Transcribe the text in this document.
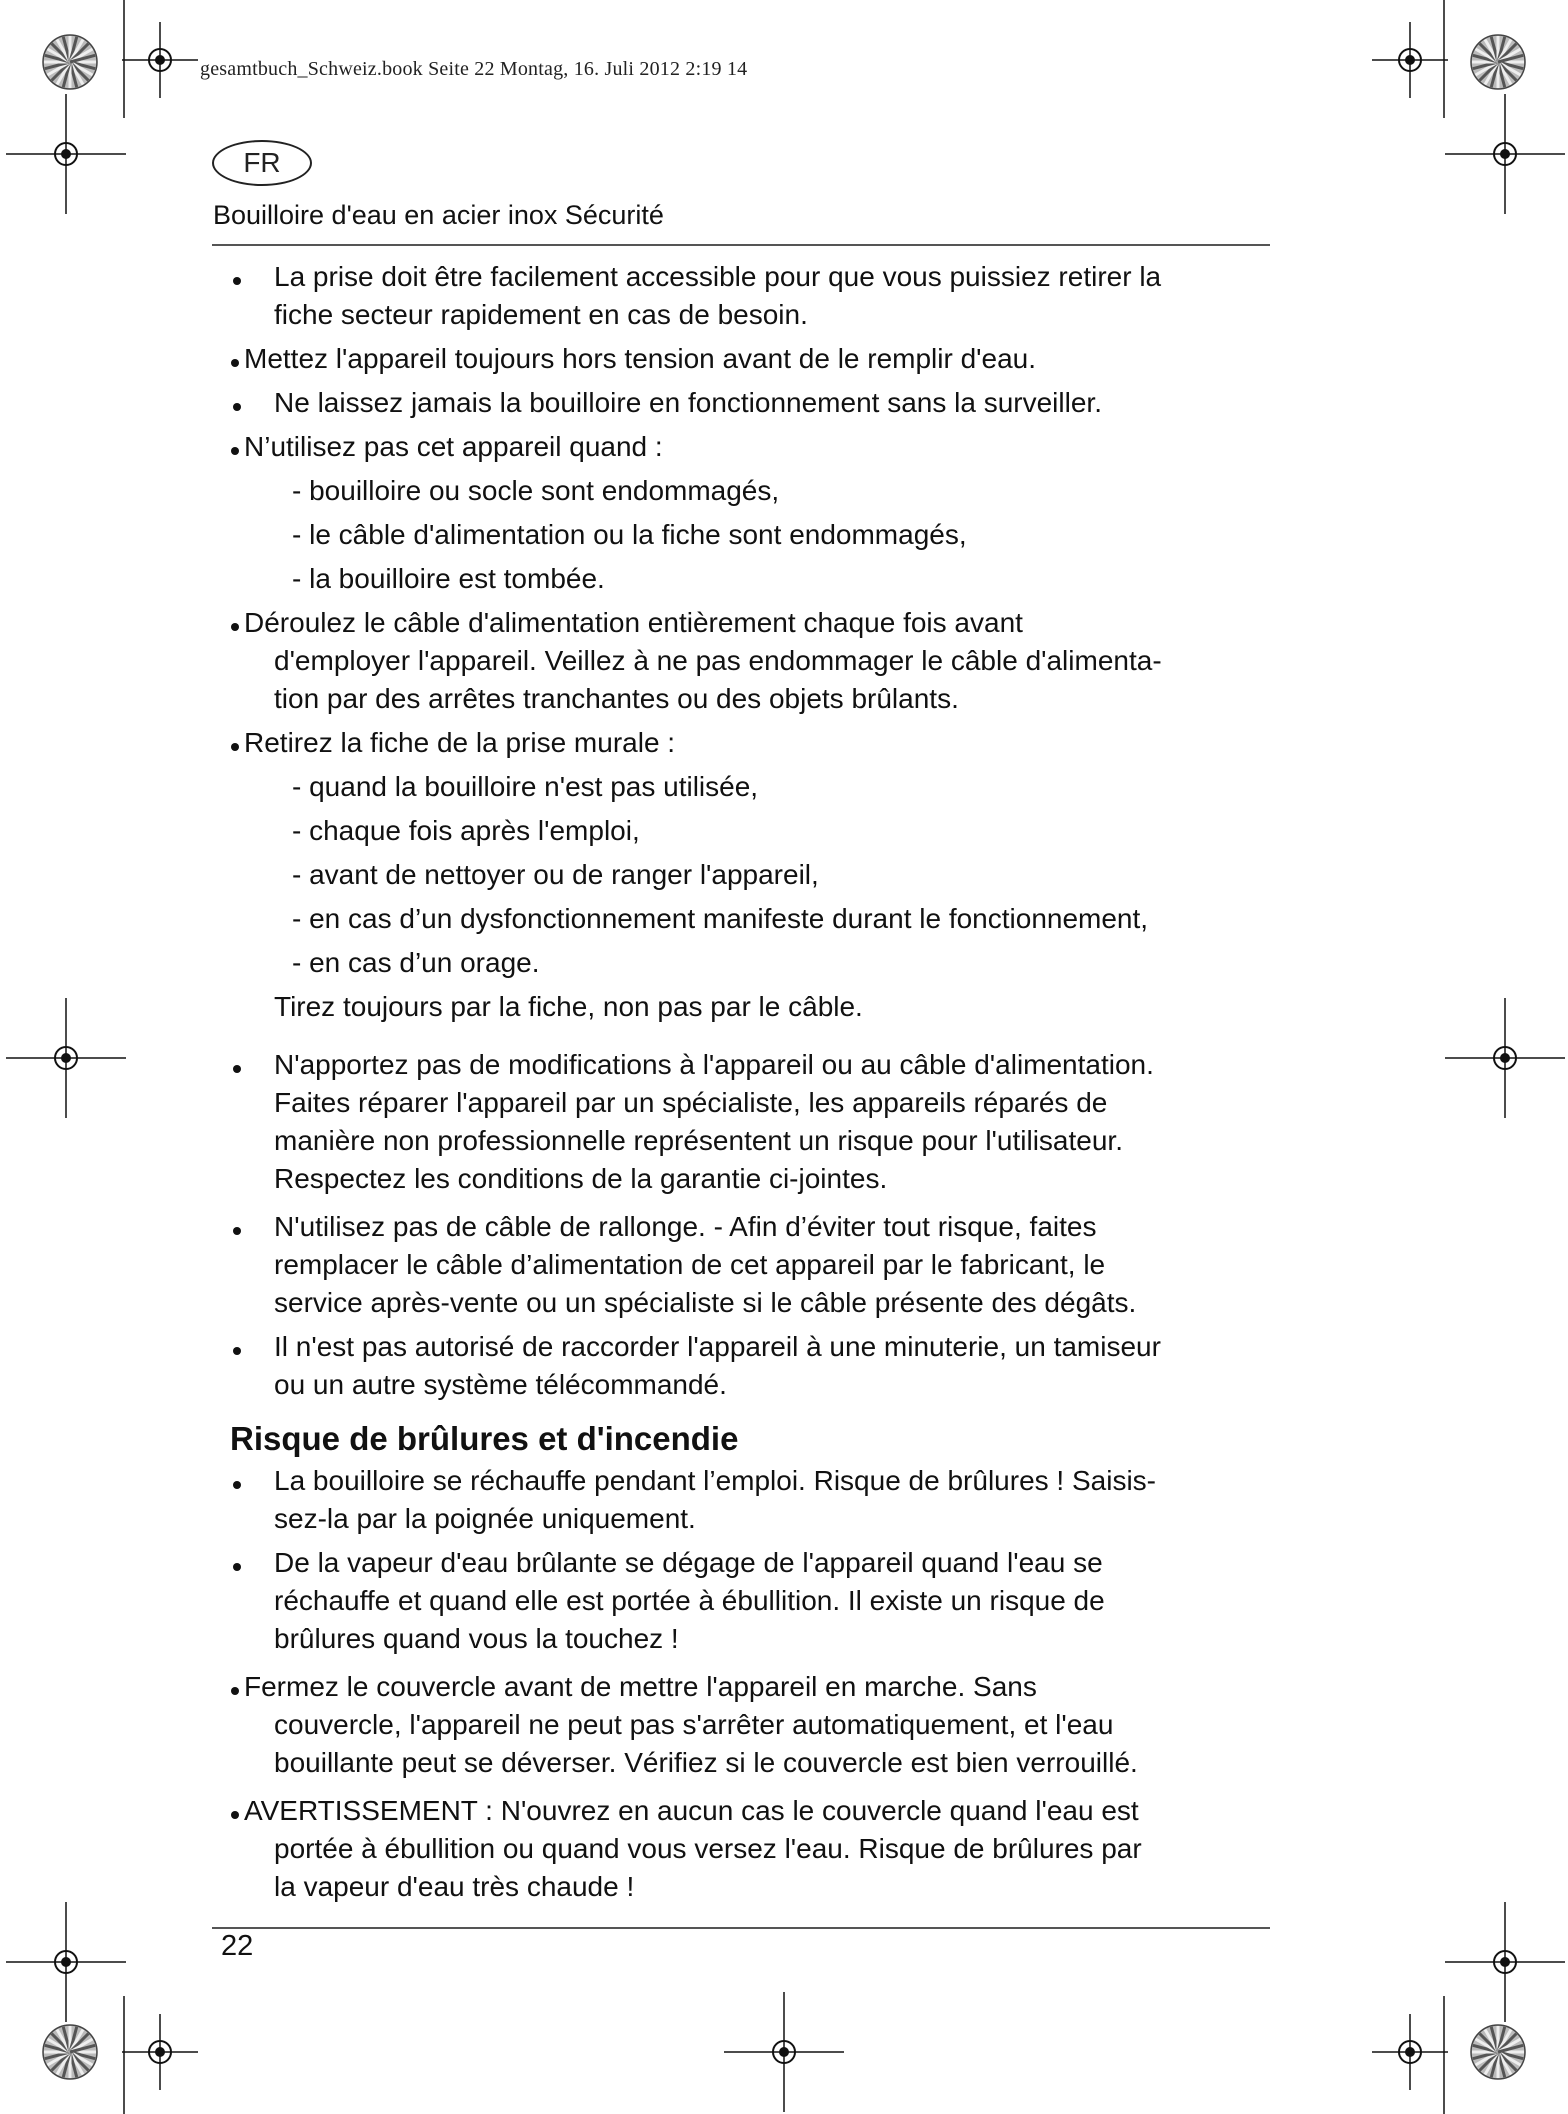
gesamtbuch_Schweiz.book Seite 22 Montag, 16. Juli 2012 2:19 14
FR
Bouilloire d'eau en acier inox Sécurité
La prise doit être facilement accessible pour que vous puissiez retirer la
fiche secteur rapidement en cas de besoin.
Mettez l'appareil toujours hors tension avant de le remplir d'eau.
Ne laissez jamais la bouilloire en fonctionnement sans la surveiller.
N’utilisez pas cet appareil quand :
- bouilloire ou socle sont endommagés,
- le câble d'alimentation ou la fiche sont endommagés,
- la bouilloire est tombée.
Déroulez le câble d'alimentation entièrement chaque fois avant
d'employer l'appareil. Veillez à ne pas endommager le câble d'alimenta-
tion par des arrêtes tranchantes ou des objets brûlants.
Retirez la fiche de la prise murale :
- quand la bouilloire n'est pas utilisée,
- chaque fois après l'emploi,
- avant de nettoyer ou de ranger l'appareil,
- en cas d’un dysfonctionnement manifeste durant le fonctionnement,
- en cas d’un orage.
Tirez toujours par la fiche, non pas par le câble.
N'apportez pas de modifications à l'appareil ou au câble d'alimentation.
Faites réparer l'appareil par un spécialiste, les appareils réparés de
manière non professionnelle représentent un risque pour l'utilisateur.
Respectez les conditions de la garantie ci-jointes.
N'utilisez pas de câble de rallonge. - Afin d’éviter tout risque, faites
remplacer le câble d’alimentation de cet appareil par le fabricant, le
service après-vente ou un spécialiste si le câble présente des dégâts.
Il n'est pas autorisé de raccorder l'appareil à une minuterie, un tamiseur
ou un autre système télécommandé.
Risque de brûlures et d'incendie
La bouilloire se réchauffe pendant l’emploi. Risque de brûlures ! Saisis-
sez-la par la poignée uniquement.
De la vapeur d'eau brûlante se dégage de l'appareil quand l'eau se
réchauffe et quand elle est portée à ébullition. Il existe un risque de
brûlures quand vous la touchez !
Fermez le couvercle avant de mettre l'appareil en marche. Sans
couvercle, l'appareil ne peut pas s'arrêter automatiquement, et l'eau
bouillante peut se déverser. Vérifiez si le couvercle est bien verrouillé.
AVERTISSEMENT : N'ouvrez en aucun cas le couvercle quand l'eau est
portée à ébullition ou quand vous versez l'eau. Risque de brûlures par
la vapeur d'eau très chaude !
22
